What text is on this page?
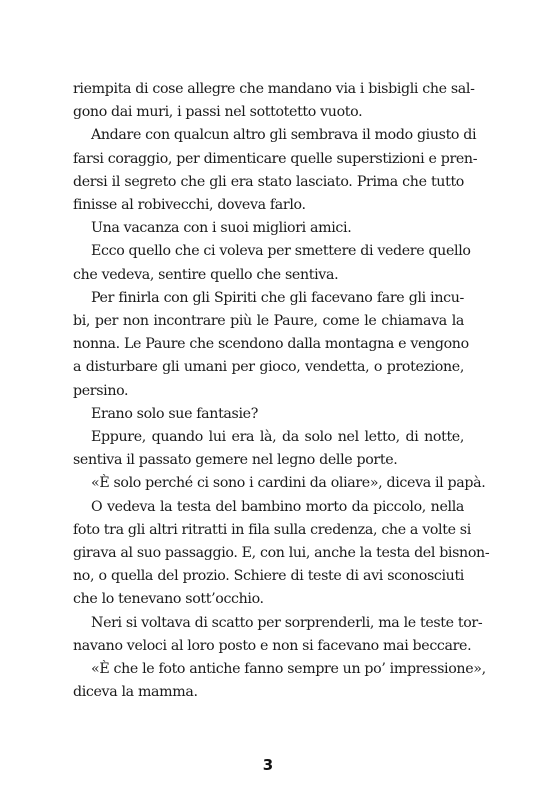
riempita di cose allegre che mandano via i bisbigli che sal-
gono dai muri, i passi nel sottotetto vuoto.

Andare con qualcun altro gli sembrava il modo giusto di
farsi coraggio, per dimenticare quelle superstizioni e pren-
dersi il segreto che gli era stato lasciato. Prima che tutto
finisse al robivecchi, doveva farlo.

Una vacanza con i suoi migliori amici.

Ecco quello che ci voleva per smettere di vedere quello
che vedeva, sentire quello che sentiva.

Per finirla con gli Spiriti che gli facevano fare gli incu-
bi, per non incontrare più le Paure, come le chiamava la
nonna. Le Paure che scendono dalla montagna e vengono
a disturbare gli umani per gioco, vendetta, o protezione,
persino.

Erano solo sue fantasie?

Eppure, quando lui era là, da solo nel letto, di notte,
sentiva il passato gemere nel legno delle porte.

«È solo perché ci sono i cardini da oliare», diceva il papà.

O vedeva la testa del bambino morto da piccolo, nella
foto tra gli altri ritratti in fila sulla credenza, che a volte si
girava al suo passaggio. E, con lui, anche la testa del bisnon-
no, o quella del prozio. Schiere di teste di avi sconosciuti
che lo tenevano sott’occhio.

Neri si voltava di scatto per sorprenderli, ma le teste tor-
navano veloci al loro posto e non si facevano mai beccare.

«È che le foto antiche fanno sempre un po’ impressione»,
diceva la mamma.

3
